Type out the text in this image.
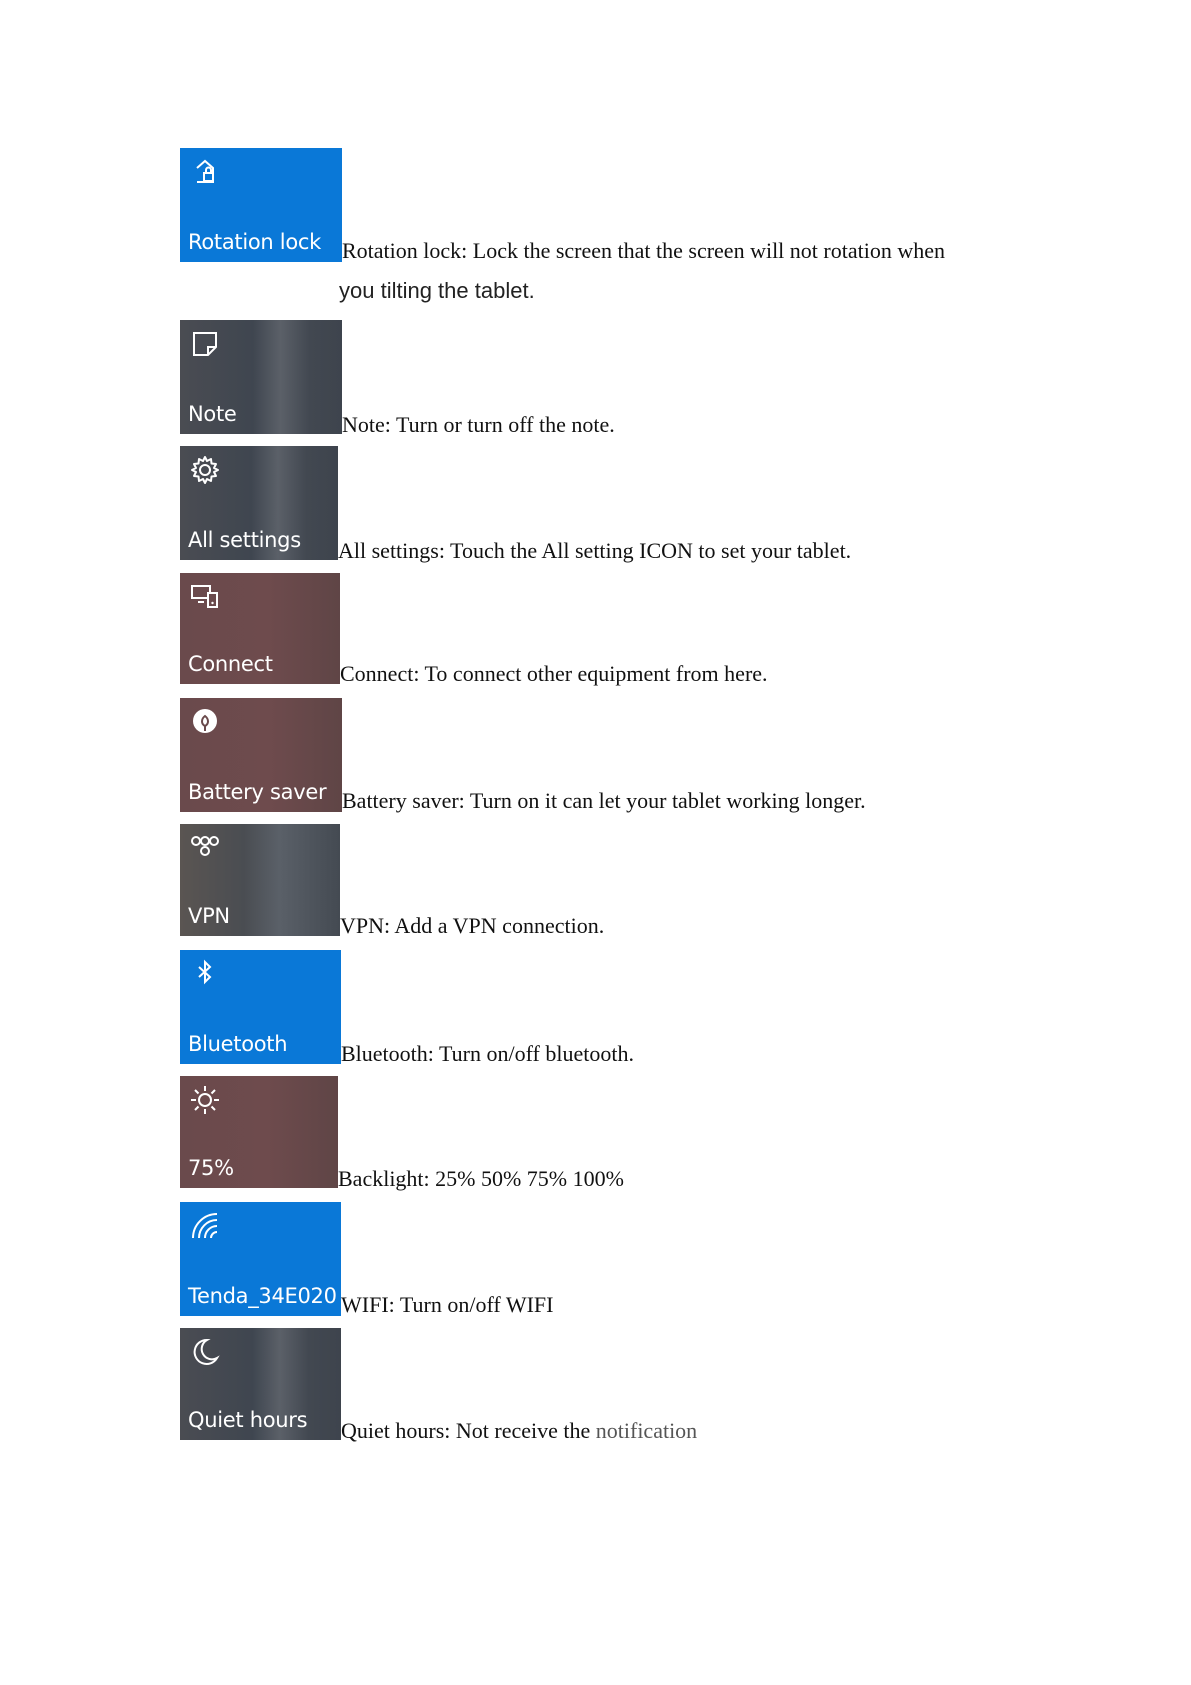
Rotation lock Rotation lock: Lock the screen that the screen will not rotation when
you tilting the tablet.
Note	Note: Turn or turn off the note.
All settings All settings: Touch the All setting ICON to set your tablet.
Connect	Connect: To connect other equipment from here.
Battery saver Battery saver: Turn on it can let your tablet working longer.
VPN	VPN: Add a VPN connection.
Bluetooth Bluetooth: Turn on/off bluetooth.
75%	Backlight: 25% 50% 75% 100%
Tenda_34E020 WIFI: Turn on/off WIFI
Quiet hours Quiet hours: Not receive the notification
